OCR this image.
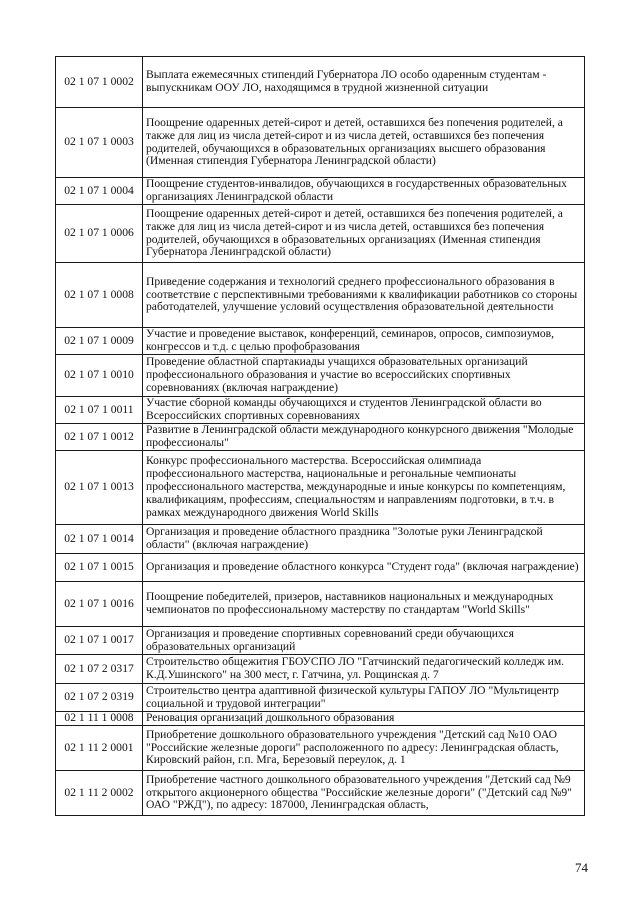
02 1 07 1 0002	Выплата ежемесячных стипендий Губернатора ЛО особо одаренным студентам - выпускникам ООУ ЛО, находящимся в трудной жизненной ситуации
02 1 07 1 0003	Поощрение одаренных детей-сирот и детей, оставшихся без попечения родителей, а также для лиц из числа детей-сирот и из числа детей, оставшихся без попечения родителей, обучающихся в образовательных организациях высшего образования (Именная стипендия Губернатора Ленинградской области)
02 1 07 1 0004	Поощрение студентов-инвалидов, обучающихся в государственных образовательных организациях Ленинградской области
02 1 07 1 0006	Поощрение одаренных детей-сирот и детей, оставшихся без попечения родителей, а также для лиц из числа детей-сирот и из числа детей, оставшихся без попечения родителей, обучающихся в образовательных организациях (Именная стипендия Губернатора Ленинградской области)
02 1 07 1 0008	Приведение содержания и технологий среднего профессионального образования в соответствие с перспективными требованиями к квалификации работников со стороны работодателей, улучшение условий осуществления образовательной деятельности
02 1 07 1 0009	Участие и проведение выставок, конференций, семинаров, опросов, симпозиумов, конгрессов и т.д. с целью профобразования
02 1 07 1 0010	Проведение областной спартакиады учащихся образовательных организаций профессионального образования и участие во всероссийских спортивных соревнованиях (включая награждение)
02 1 07 1 0011	Участие сборной команды обучающихся и студентов Ленинградской области во Всероссийских спортивных соревнованиях
02 1 07 1 0012	Развитие в Ленинградской области международного конкурсного движения "Молодые профессионалы"
02 1 07 1 0013	Конкурс профессионального мастерства. Всероссийская олимпиада профессионального мастерства, национальные и регональные чемпионаты профессионального мастерства, международные и иные конкурсы по компетенциям, квалификациям, профессиям, специальностям и направлениям подготовки, в т.ч. в рамках международного движения World Skills
02 1 07 1 0014	Организация и проведение областного праздника "Золотые руки Ленинградской области" (включая награждение)
02 1 07 1 0015	Организация и проведение областного конкурса "Студент года" (включая награждение)
02 1 07 1 0016	Поощрение победителей, призеров, наставников национальных и международных чемпионатов по профессиональному мастерству по стандартам "World Skills"
02 1 07 1 0017	Организация и проведение спортивных соревнований среди обучающихся образовательных организаций
02 1 07 2 0317	Строительство общежития ГБОУСПО ЛО "Гатчинский педагогический колледж им. К.Д.Ушинского" на 300 мест, г. Гатчина, ул. Рощинская д. 7
02 1 07 2 0319	Строительство центра адаптивной физической культуры ГАПОУ ЛО "Мультицентр социальной и трудовой интеграции"
02 1 11 1 0008	Реновация организаций дошкольного образования
02 1 11 2 0001	Приобретение дошкольного образовательного учреждения "Детский сад №10 ОАО "Российские железные дороги" расположенного по адресу: Ленинградская область, Кировский район, г.п. Мга, Березовый переулок, д. 1
02 1 11 2 0002	Приобретение частного дошкольного образовательного учреждения "Детский сад №9 открытого акционерного общества "Российские железные дороги" ("Детский сад №9" ОАО "РЖД"), по адресу: 187000, Ленинградская область,
74
